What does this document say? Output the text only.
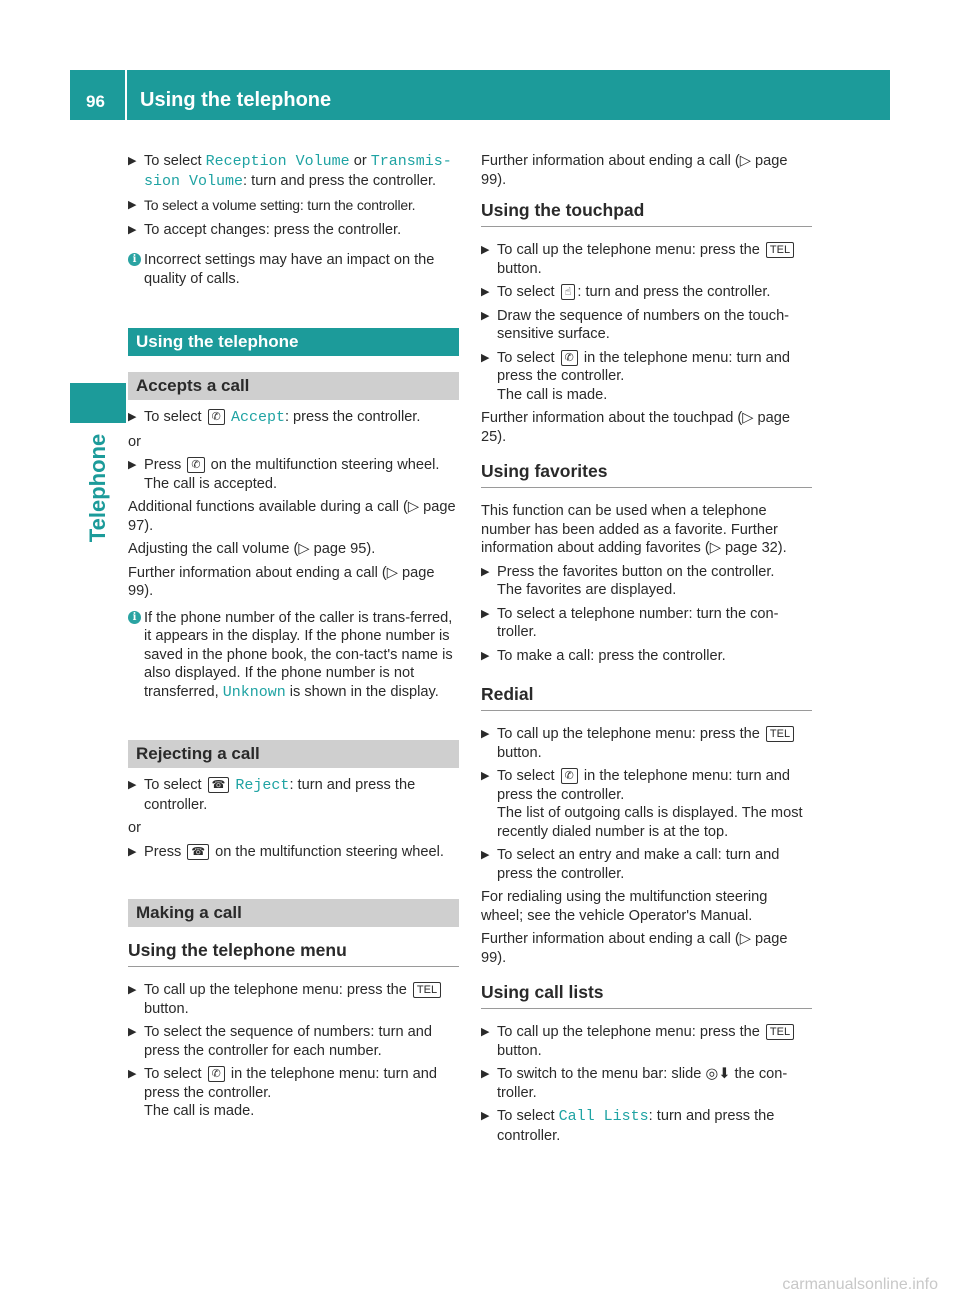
96 Using the telephone
Telephone
▶ To select Reception Volume or Transmis-
sion Volume: turn and press the controller.
▶ To select a volume setting: turn the controller.
▶ To accept changes: press the controller.
i Incorrect settings may have an impact on the quality of calls.
Using the telephone
Accepts a call
▶ To select ✆ Accept: press the controller.
or
▶ Press ✆ on the multifunction steering wheel.
The call is accepted.
Additional functions available during a call (▷ page 97).
Adjusting the call volume (▷ page 95).
Further information about ending a call (▷ page 99).
i If the phone number of the caller is trans-ferred, it appears in the display. If the phone number is saved in the phone book, the con-tact's name is also displayed. If the phone number is not transferred, Unknown is shown in the display.
Rejecting a call
▶ To select ☎ Reject: turn and press the controller.
or
▶ Press ☎ on the multifunction steering wheel.
Making a call
Using the telephone menu
▶ To call up the telephone menu: press the TEL button.
▶ To select the sequence of numbers: turn and press the controller for each number.
▶ To select ✆ in the telephone menu: turn and press the controller.
The call is made.
Further information about ending a call (▷ page 99).
Using the touchpad
▶ To call up the telephone menu: press the TEL button.
▶ To select ☝ : turn and press the controller.
▶ Draw the sequence of numbers on the touch-sensitive surface.
▶ To select ✆ in the telephone menu: turn and press the controller.
The call is made.
Further information about the touchpad (▷ page 25).
Using favorites
This function can be used when a telephone number has been added as a favorite. Further information about adding favorites (▷ page 32).
▶ Press the favorites button on the controller.
The favorites are displayed.
▶ To select a telephone number: turn the con-troller.
▶ To make a call: press the controller.
Redial
▶ To call up the telephone menu: press the TEL button.
▶ To select ✆ in the telephone menu: turn and press the controller.
The list of outgoing calls is displayed. The most recently dialed number is at the top.
▶ To select an entry and make a call: turn and press the controller.
For redialing using the multifunction steering wheel; see the vehicle Operator's Manual.
Further information about ending a call (▷ page 99).
Using call lists
▶ To call up the telephone menu: press the TEL button.
▶ To switch to the menu bar: slide ◎⬇ the con-troller.
▶ To select Call Lists: turn and press the controller.
carmanualsonline.info
